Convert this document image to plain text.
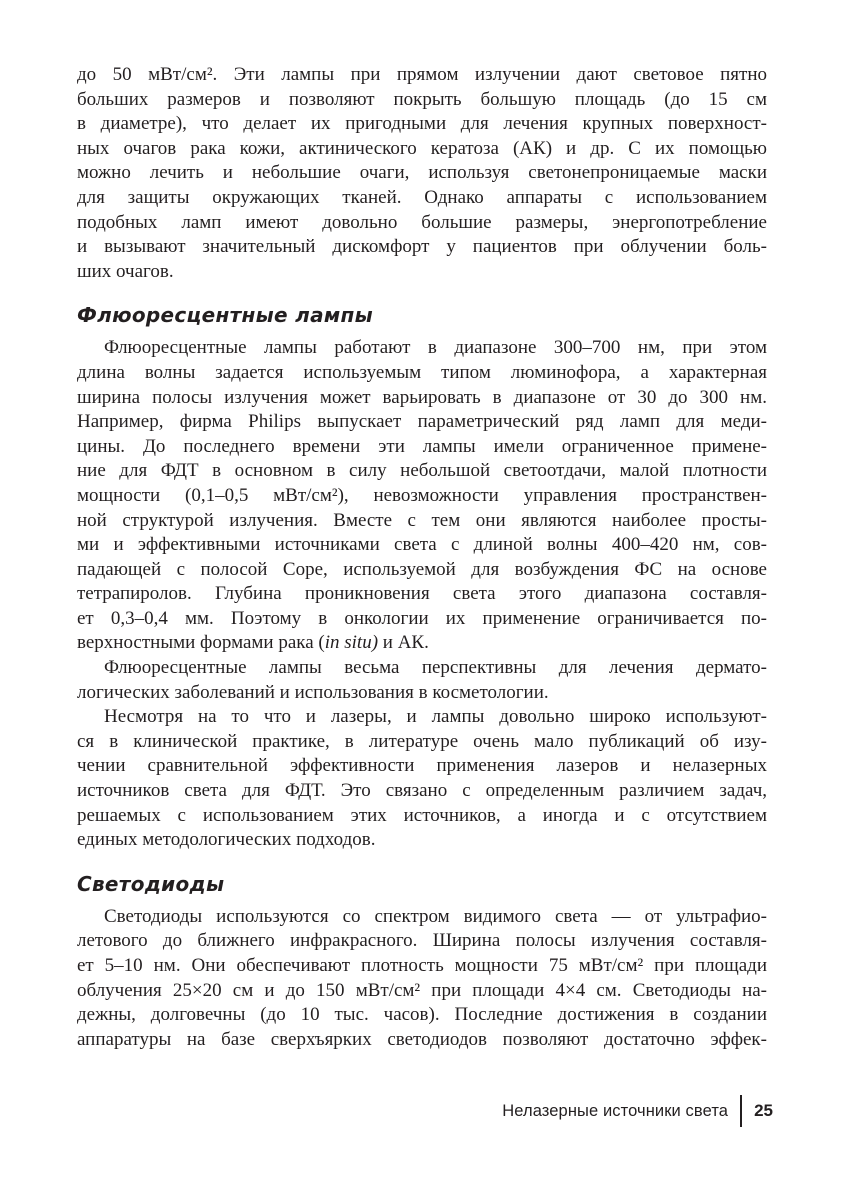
до 50 мВт/см². Эти лампы при прямом излучении дают световое пятно

больших размеров и позволяют покрыть большую площадь (до 15 см

в диаметре), что делает их пригодными для лечения крупных поверхност-

ных очагов рака кожи, актинического кератоза (АК) и др. С их помощью

можно лечить и небольшие очаги, используя светонепроницаемые маски

для защиты окружающих тканей. Однако аппараты с использованием

подобных ламп имеют довольно большие размеры, энергопотребление

и вызывают значительный дискомфорт у пациентов при облучении боль-

ших очагов.

Флюоресцентные лампы

Флюоресцентные лампы работают в диапазоне 300–700 нм, при этом

длина волны задается используемым типом люминофора, а характерная

ширина полосы излучения может варьировать в диапазоне от 30 до 300 нм.

Например, фирма Philips выпускает параметрический ряд ламп для меди-

цины. До последнего времени эти лампы имели ограниченное примене-

ние для ФДТ в основном в силу небольшой светоотдачи, малой плотности

мощности (0,1–0,5 мВт/см²), невозможности управления пространствен-

ной структурой излучения. Вместе с тем они являются наиболее просты-

ми и эффективными источниками света с длиной волны 400–420 нм, сов-

падающей с полосой Соре, используемой для возбуждения ФС на основе

тетрапиролов. Глубина проникновения света этого диапазона составля-

ет 0,3–0,4 мм. Поэтому в онкологии их применение ограничивается по-

верхностными формами рака (in situ) и АК.

Флюоресцентные лампы весьма перспективны для лечения дермато-

логических заболеваний и использования в косметологии.

Несмотря на то что и лазеры, и лампы довольно широко используют-

ся в клинической практике, в литературе очень мало публикаций об изу-

чении сравнительной эффективности применения лазеров и нелазерных

источников света для ФДТ. Это связано с определенным различием задач,

решаемых с использованием этих источников, а иногда и с отсутствием

единых методологических подходов.

Светодиоды

Светодиоды используются со спектром видимого света — от ультрафио-

летового до ближнего инфракрасного. Ширина полосы излучения составля-

ет 5–10 нм. Они обеспечивают плотность мощности 75 мВт/см² при площади

облучения 25×20 см и до 150 мВт/см² при площади 4×4 см. Светодиоды на-

дежны, долговечны (до 10 тыс. часов). Последние достижения в создании

аппаратуры на базе сверхъярких светодиодов позволяют достаточно эффек-

Нелазерные источники света	25
